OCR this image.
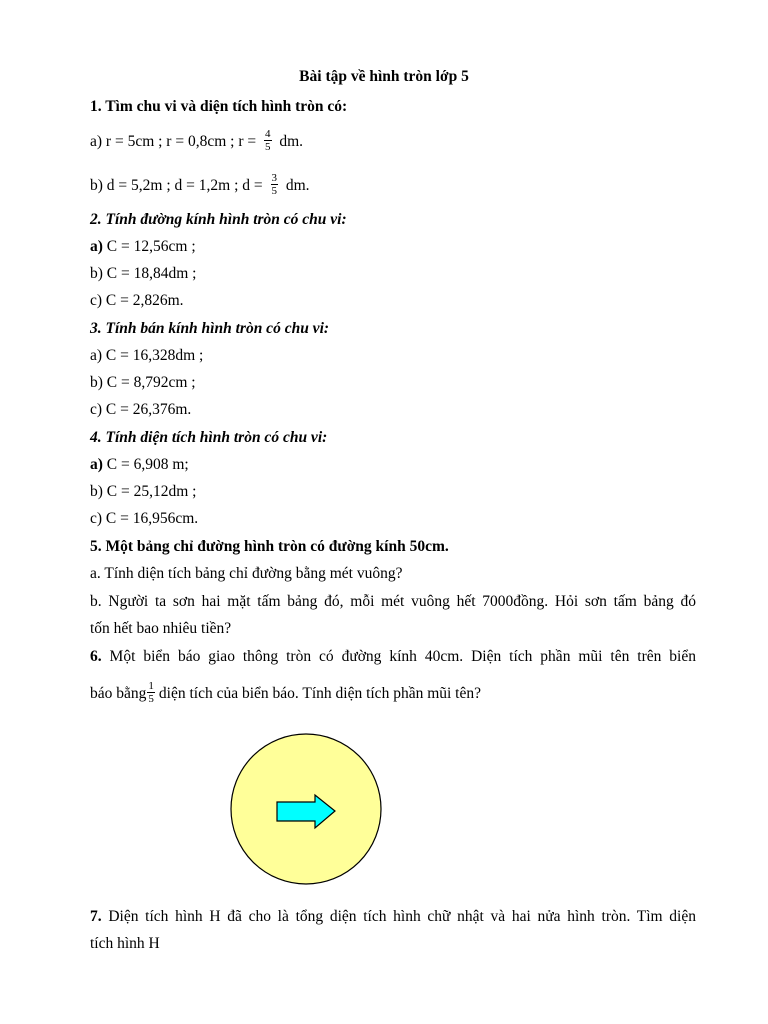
Bài tập về hình tròn lớp 5
1. Tìm chu vi và diện tích hình tròn có:
a) r = 5cm ; r = 0,8cm ; $r = \frac{4}{5}$ dm.
b) d = 5,2m ; d = 1,2m ; $d = \frac{3}{5}$ dm.
2. Tính đường kính hình tròn có chu vi:
a) C = 12,56cm ;
b) C = 18,84dm ;
c) C = 2,826m.
3. Tính bán kính hình tròn có chu vi:
a) C = 16,328dm ;
b) C = 8,792cm ;
c) C = 26,376m.
4. Tính diện tích hình tròn có chu vi:
a) C = 6,908 m;
b) C = 25,12dm ;
c) C = 16,956cm.
5. Một bảng chỉ đường hình tròn có đường kính 50cm.
a. Tính diện tích bảng chỉ đường bằng mét vuông?
b. Người ta sơn hai mặt tấm bảng đó, mỗi mét vuông hết 7000đồng. Hỏi sơn tấm bảng đó
tốn hết bao nhiêu tiền?
6. Một biển báo giao thông tròn có đường kính 40cm. Diện tích phần mũi tên trên biển
báo bằng $\frac{1}{5}$ diện tích của biển báo. Tính diện tích phần mũi tên?
7. Diện tích hình H đã cho là tổng diện tích hình chữ nhật và hai nửa hình tròn. Tìm diện
tích hình H
